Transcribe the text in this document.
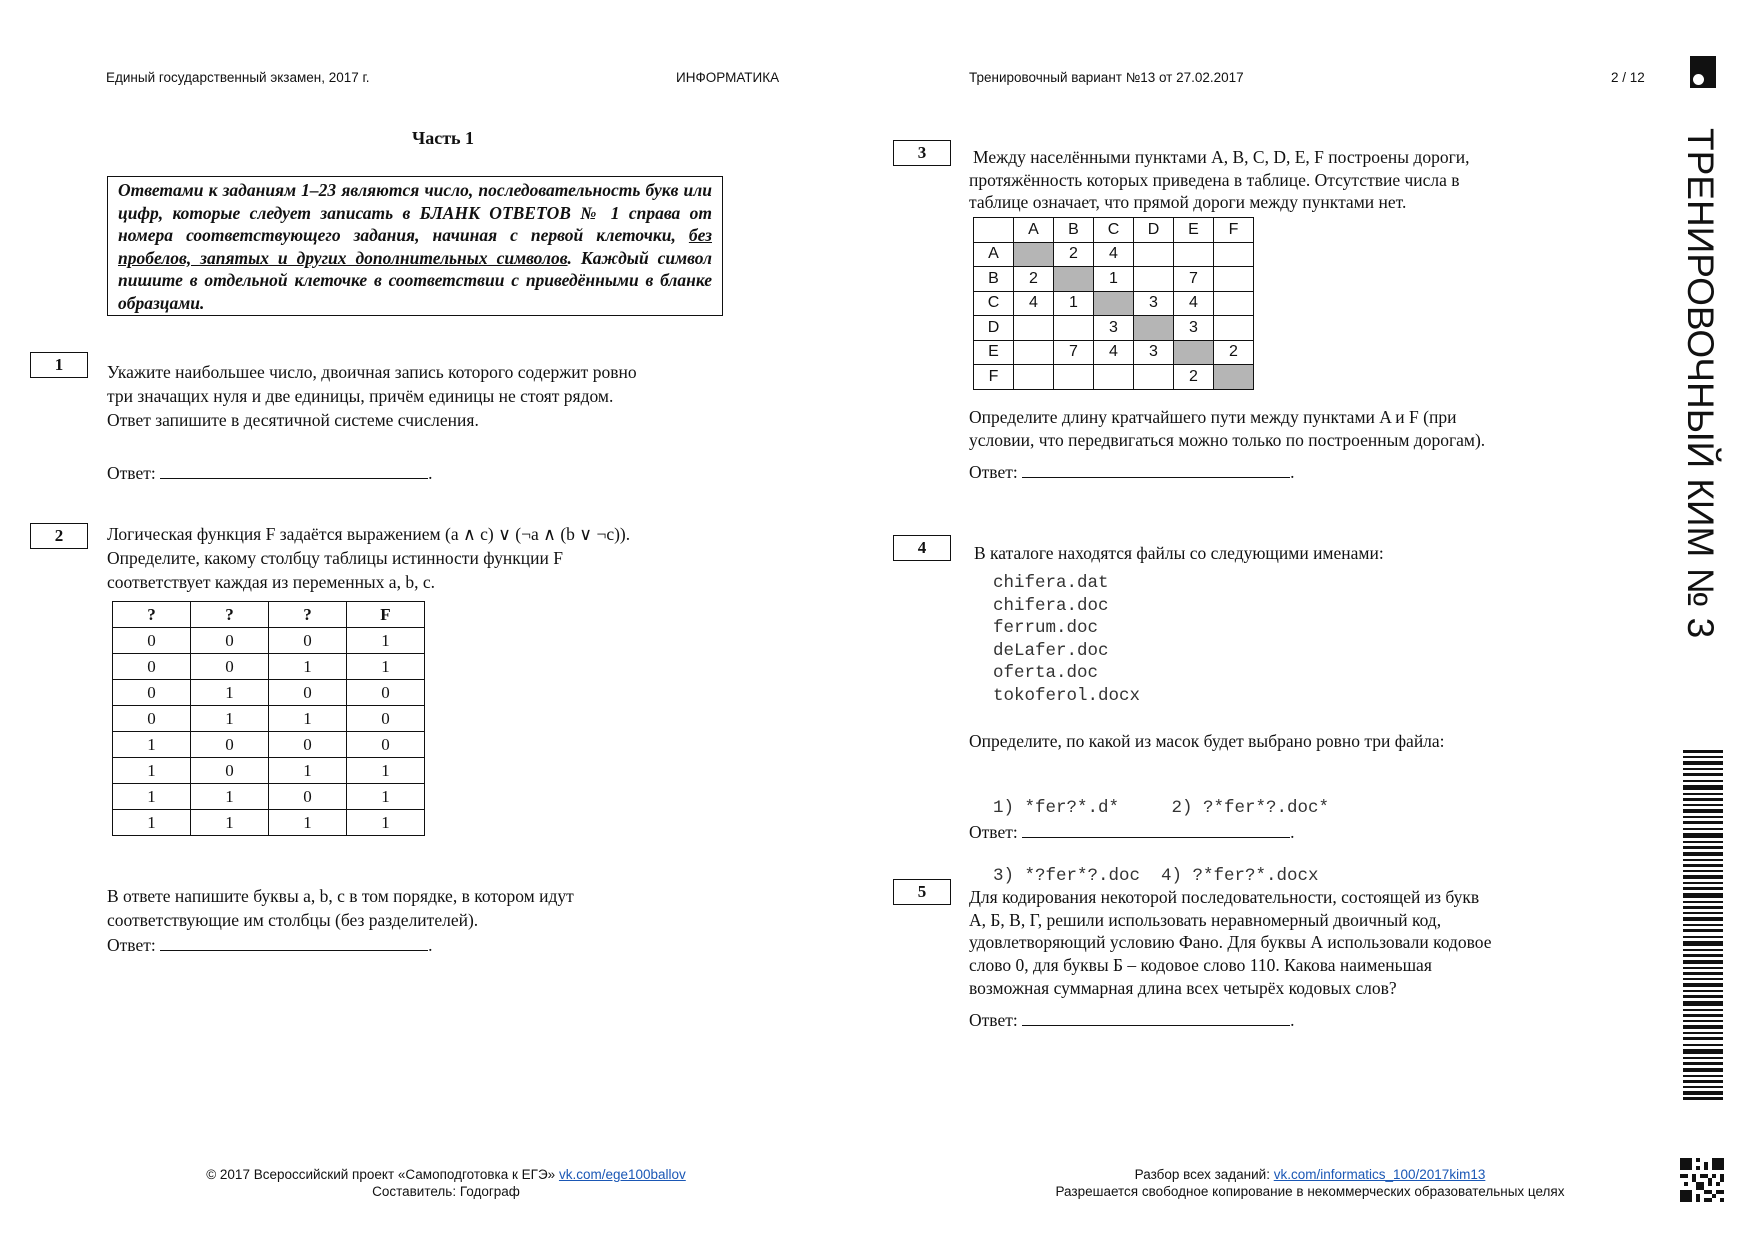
Единый государственный экзамен, 2017 г.	ИНФОРМАТИКА	Тренировочный вариант №13 от 27.02.2017	2 / 12
ТРЕНИРОВОЧНЫЙ КИМ № 3
Часть 1
Ответами к заданиям 1–23 являются число, последовательность букв или цифр, которые следует записать в БЛАНК ОТВЕТОВ № 1 справа от номера соответствующего задания, начиная с первой клеточки, без пробелов, запятых и других дополнительных символов. Каждый символ пишите в отдельной клеточке в соответствии с приведёнными в бланке образцами.
1	Укажите наибольшее число, двоичная запись которого содержит ровно
три значащих нуля и две единицы, причём единицы не стоят рядом.
Ответ запишите в десятичной системе счисления.
Ответ:	.
2	Логическая функция F задаётся выражением (a ∧ c) ∨ (¬a ∧ (b ∨ ¬c)).
Определите, какому столбцу таблицы истинности функции F
соответствует каждая из переменных a, b, c.
?	?	?	F
0	0	0	1
0	0	1	1
0	1	0	0
0	1	1	0
1	0	0	0
1	0	1	1
1	1	0	1
1	1	1	1
В ответе напишите буквы a, b, c в том порядке, в котором идут
соответствующие им столбцы (без разделителей).
Ответ:	.
3	Между населёнными пунктами A, B, C, D, E, F построены дороги,
протяжённость которых приведена в таблице. Отсутствие числа в
таблице означает, что прямой дороги между пунктами нет.
	A	B	C	D	E	F
A		2	4			
B	2		1		7	
C	4	1		3	4	
D			3		3	
E		7	4	3		2
F					2	
Определите длину кратчайшего пути между пунктами A и F (при
условии, что передвигаться можно только по построенным дорогам).
Ответ:	.
4	В каталоге находятся файлы со следующими именами:
chifera.dat
chifera.doc
ferrum.doc
deLafer.doc
oferta.doc
tokoferol.docx
Определите, по какой из масок будет выбрано ровно три файла:

1) *fer?*.d*     2) ?*fer*?.doc*

3) *?fer*?.doc  4) ?*fer?*.docx

Ответ:	.
5	Для кодирования некоторой последовательности, состоящей из букв
А, Б, В, Г, решили использовать неравномерный двоичный код,
удовлетворяющий условию Фано. Для буквы А использовали кодовое
слово 0, для буквы Б – кодовое слово 110. Какова наименьшая
возможная суммарная длина всех четырёх кодовых слов?
Ответ:	.
© 2017 Всероссийский проект «Самоподготовка к ЕГЭ» vk.com/ege100ballov
Составитель: Годограф
Разбор всех заданий: vk.com/informatics_100/2017kim13
Разрешается свободное копирование в некоммерческих образовательных целях
